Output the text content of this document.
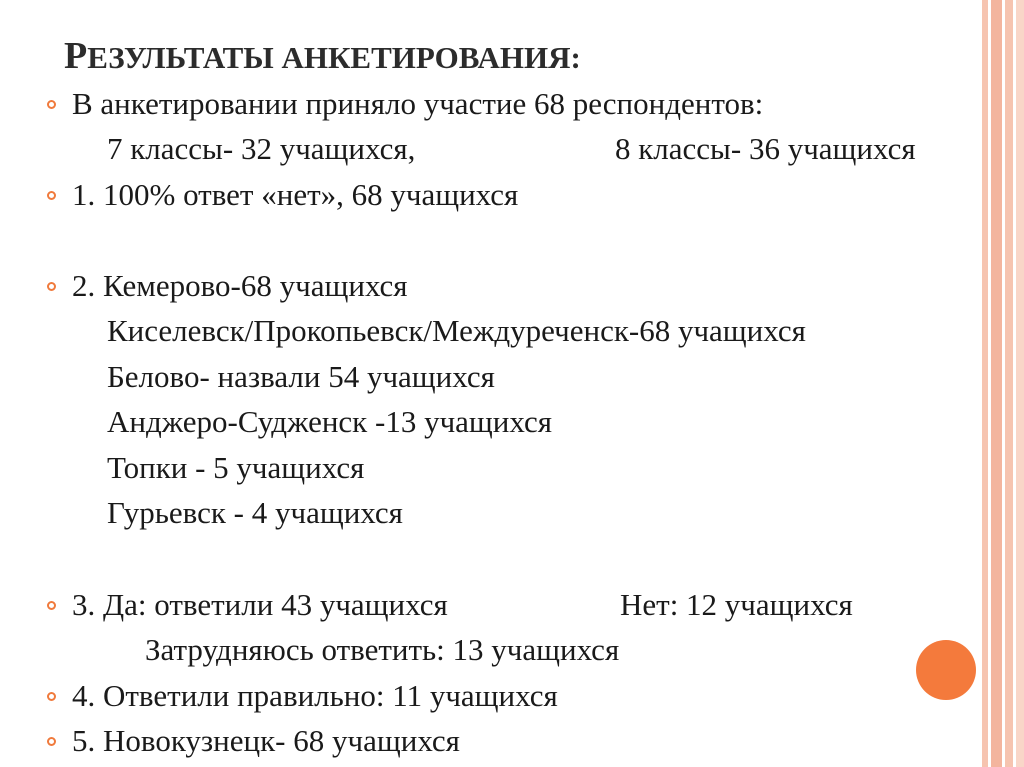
РЕЗУЛЬТАТЫ АНКЕТИРОВАНИЯ:
В анкетировании приняло участие 68 респондентов:
7 классы- 32 учащихся,	8 классы- 36 учащихся
1. 100% ответ «нет», 68 учащихся
2. Кемерово-68 учащихся
Киселевск/Прокопьевск/Междуреченск-68 учащихся
Белово- назвали 54 учащихся
Анджеро-Судженск -13 учащихся
Топки - 5 учащихся
Гурьевск - 4 учащихся
3. Да: ответили 43 учащихся	Нет: 12 учащихся
Затрудняюсь ответить: 13 учащихся
4. Ответили правильно: 11 учащихся
5. Новокузнецк- 68 учащихся
